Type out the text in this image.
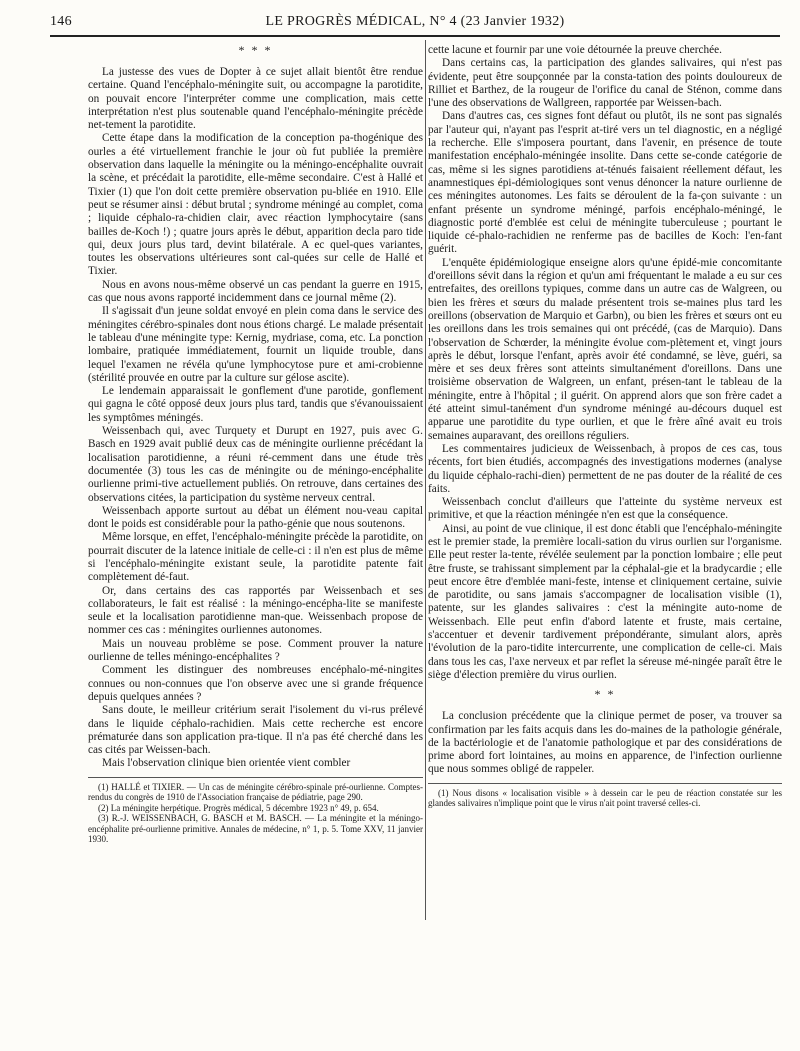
146	LE PROGRÈS MÉDICAL, N° 4 (23 Janvier 1932)
* * *

La justesse des vues de Dopter à ce sujet allait bientôt être rendue certaine. Quand l'encéphalo-méningite suit, ou accompagne la parotidite, on pouvait encore l'interpréter comme une complication, mais cette interprétation n'est plus soutenable quand l'encéphalo-méningite précède net-tement la parotidite.

Cette étape dans la modification de la conception pa-thogénique des ourles a été virtuellement franchie le jour où fut publiée la première observation dans laquelle la méningite ou la méningo-encéphalite ouvrait la scène, et précédait la parotidite, elle-même secondaire. C'est à Hallé et Tixier (1) que l'on doit cette première observation pu-bliée en 1910. Elle peut se résumer ainsi : début brutal ; syndrome méningé au complet, coma ; liquide céphalo-ra-chidien clair, avec réaction lymphocytaire (sans bailles de-Koch !) ; quatre jours après le début, apparition decla paro tide qui, deux jours plus tard, devint bilatérale. A ec quel-ques variantes, toutes les observations ultérieures sont cal-quées sur celle de Hallé et Tixier.

Nous en avons nous-même observé un cas pendant la guerre en 1915, cas que nous avons rapporté incidemment dans ce journal même (2).

Il s'agissait d'un jeune soldat envoyé en plein coma dans le service des méningites cérébro-spinales dont nous étions chargé. Le malade présentait le tableau d'une méningite type: Kernig, mydriase, coma, etc. La ponction lombaire, pratiquée immédiatement, fournit un liquide trouble, dans lequel l'examen ne révéla qu'une lymphocytose pure et ami-crobienne (stérilité prouvée en outre par la culture sur gélose ascite).

Le lendemain apparaissait le gonflement d'une parotide, gonflement qui gagna le côté opposé deux jours plus tard, tandis que s'évanouissaient les symptômes méningés.

Weissenbach qui, avec Turquety et Durupt en 1927, puis avec G. Basch en 1929 avait publié deux cas de méningite ourlienne précédant la localisation parotidienne, a réuni ré-cemment dans une étude très documentée (3) tous les cas de méningite ou de méningo-encéphalite ourlienne primi-tive actuellement publiés. On retrouve, dans certaines des observations citées, la participation du système nerveux central.

Weissenbach apporte surtout au débat un élément nou-veau capital dont le poids est considérable pour la patho-génie que nous soutenons.

Même lorsque, en effet, l'encéphalo-méningite précède la parotidite, on pourrait discuter de la latence initiale de celle-ci : il n'en est plus de même si l'encéphalo-méningite existant seule, la parotidite patente fait complètement dé-faut.

Or, dans certains des cas rapportés par Weissenbach et ses collaborateurs, le fait est réalisé : la méningo-encépha-lite se manifeste seule et la localisation parotidienne man-que. Weissenbach propose de nommer ces cas : méningites ourliennes autonomes.

Mais un nouveau problème se pose. Comment prouver la nature ourlienne de telles méningo-encéphalites ?

Comment les distinguer des nombreuses encéphalo-mé-ningites connues ou non-connues que l'on observe avec une si grande fréquence depuis quelques années ?

Sans doute, le meilleur critérium serait l'isolement du vi-rus prélevé dans le liquide céphalo-rachidien. Mais cette recherche est encore prématurée dans son application pra-tique. Il n'a pas été cherché dans les cas cités par Weissen-bach.

Mais l'observation clinique bien orientée vient combler

(1) HALLÉ et TIXIER. — Un cas de méningite cérébro-spinale pré-ourlienne. Comptes-rendus du congrès de 1910 de l'Association française de pédiatrie, page 290.

(2) La méningite herpétique. Progrès médical, 5 décembre 1923 n° 49, p. 654.

(3) R.-J. WEISSENBACH, G. BASCH et M. BASCH. — La méningite et la méningo-encéphalite pré-ourlienne primitive. Annales de médecine, n° 1, p. 5. Tome XXV, 11 janvier 1930.

cette lacune et fournir par une voie détournée la preuve cherchée.

Dans certains cas, la participation des glandes salivaires, qui n'est pas évidente, peut être soupçonnée par la consta-tation des points douloureux de Rilliet et Barthez, de la rougeur de l'orifice du canal de Sténon, comme dans l'une des observations de Wallgreen, rapportée par Weissen-bach.

Dans d'autres cas, ces signes font défaut ou plutôt, ils ne sont pas signalés par l'auteur qui, n'ayant pas l'esprit at-tiré vers un tel diagnostic, en a négligé la recherche. Elle s'imposera pourtant, dans l'avenir, en présence de toute manifestation encéphalo-méningée insolite. Dans cette se-conde catégorie de cas, même si les signes parotidiens at-ténués faisaient réellement défaut, les anamnestiques épi-démiologiques sont venus dénoncer la nature ourlienne de ces méningites autonomes. Les faits se déroulent de la fa-çon suivante : un enfant présente un syndrome méningé, parfois encéphalo-méningé, le diagnostic porté d'emblée est celui de méningite tuberculeuse ; pourtant le liquide cé-phalo-rachidien ne renferme pas de bacilles de Koch: l'en-fant guérit.

L'enquête épidémiologique enseigne alors qu'une épidé-mie concomitante d'oreillons sévit dans la région et qu'un ami fréquentant le malade a eu sur ces entrefaites, des oreillons typiques, comme dans un autre cas de Walgreen, ou bien les frères et sœurs du malade présentent trois se-maines plus tard les oreillons (observation de Marquio et Garbn), ou bien les frères et sœurs ont eu les oreillons dans les trois semaines qui ont précédé, (cas de Marquio). Dans l'observation de Schœrder, la méningite évolue com-plètement et, vingt jours après le début, lorsque l'enfant, après avoir été condamné, se lève, guéri, sa mère et ses deux frères sont atteints simultanément d'oreillons. Dans une troisième observation de Walgreen, un enfant, présen-tant le tableau de la méningite, entre à l'hôpital ; il guérit. On apprend alors que son frère cadet a été atteint simul-tanément d'un syndrome méningé au-décours duquel est apparue une parotidite du type ourlien, et que le frère aîné avait eu trois semaines auparavant, des oreillons réguliers.

Les commentaires judicieux de Weissenbach, à propos de ces cas, tous récents, fort bien étudiés, accompagnés des investigations modernes (analyse du liquide céphalo-rachi-dien) permettent de ne pas douter de la réalité de ces faits.

Weissenbach conclut d'ailleurs que l'atteinte du système nerveux est primitive, et que la réaction méningée n'en est que la conséquence.

Ainsi, au point de vue clinique, il est donc établi que l'encéphalo-méningite est le premier stade, la première locali-sation du virus ourlien sur l'organisme. Elle peut rester la-tente, révélée seulement par la ponction lombaire ; elle peut être fruste, se trahissant simplement par la céphalal-gie et la bradycardie ; elle peut encore être d'emblée mani-feste, intense et cliniquement certaine, suivie de parotidite, ou sans jamais s'accompagner de localisation visible (1), patente, sur les glandes salivaires : c'est la méningite auto-nome de Weissenbach. Elle peut enfin d'abord latente et fruste, mais certaine, s'accentuer et devenir tardivement prépondérante, simulant alors, après l'évolution de la paro-tidite intercurrente, une complication de celle-ci. Mais dans tous les cas, l'axe nerveux et par reflet la séreuse mé-ningée paraît être le siège d'élection première du virus ourlien.

* *

La conclusion précédente que la clinique permet de poser, va trouver sa confirmation par les faits acquis dans les do-maines de la pathologie générale, de la bactériologie et de l'anatomie pathologique et par des considérations de prime abord fort lointaines, au moins en apparence, de l'infection ourlienne que nous sommes obligé de rappeler.

(1) Nous disons « localisation visible » à dessein car le peu de réaction constatée sur les glandes salivaires n'implique point que le virus n'ait point traversé celles-ci.
